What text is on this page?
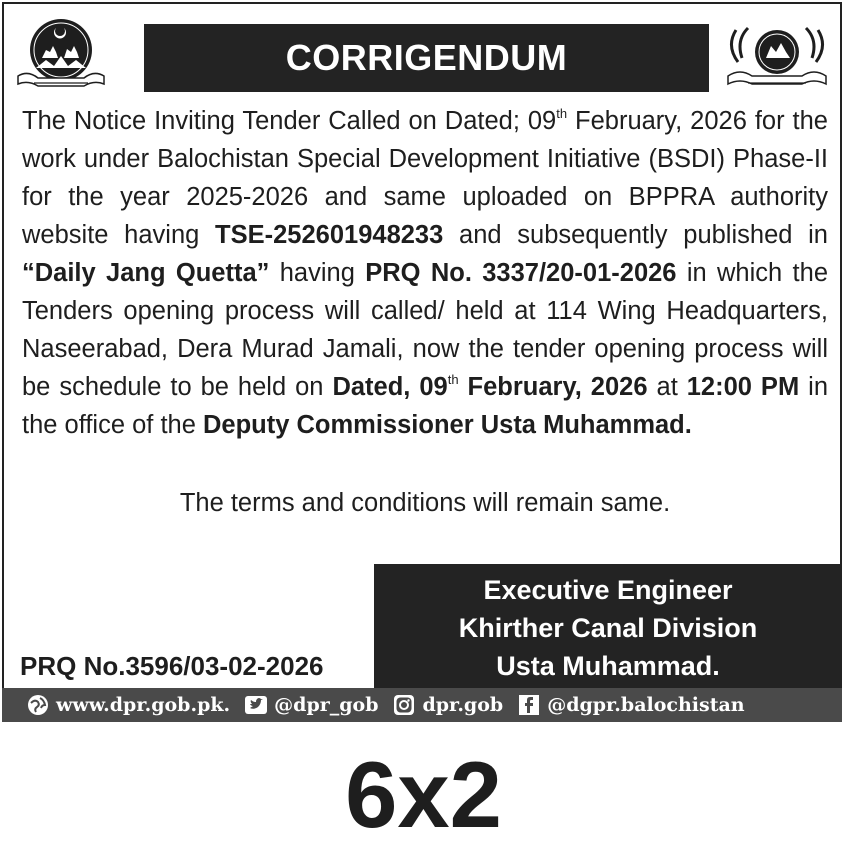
CORRIGENDUM
The Notice Inviting Tender Called on Dated; 09th February, 2026 for the work under Balochistan Special Development Initiative (BSDI) Phase-II for the year 2025-2026 and same uploaded on BPPRA authority website having TSE-252601948233 and subsequently published in “Daily Jang Quetta” having PRQ No. 3337/20-01-2026 in which the Tenders opening process will called/ held at 114 Wing Headquarters, Naseerabad, Dera Murad Jamali, now the tender opening process will be schedule to be held on Dated, 09th February, 2026 at 12:00 PM in the office of the Deputy Commissioner Usta Muhammad.
The terms and conditions will remain same.
Executive Engineer
Khirther Canal Division
Usta Muhammad.
PRQ No.3596/03-02-2026
www.dpr.gob.pk. @dpr_gob dpr.gob @dgpr.balochistan
6x2
